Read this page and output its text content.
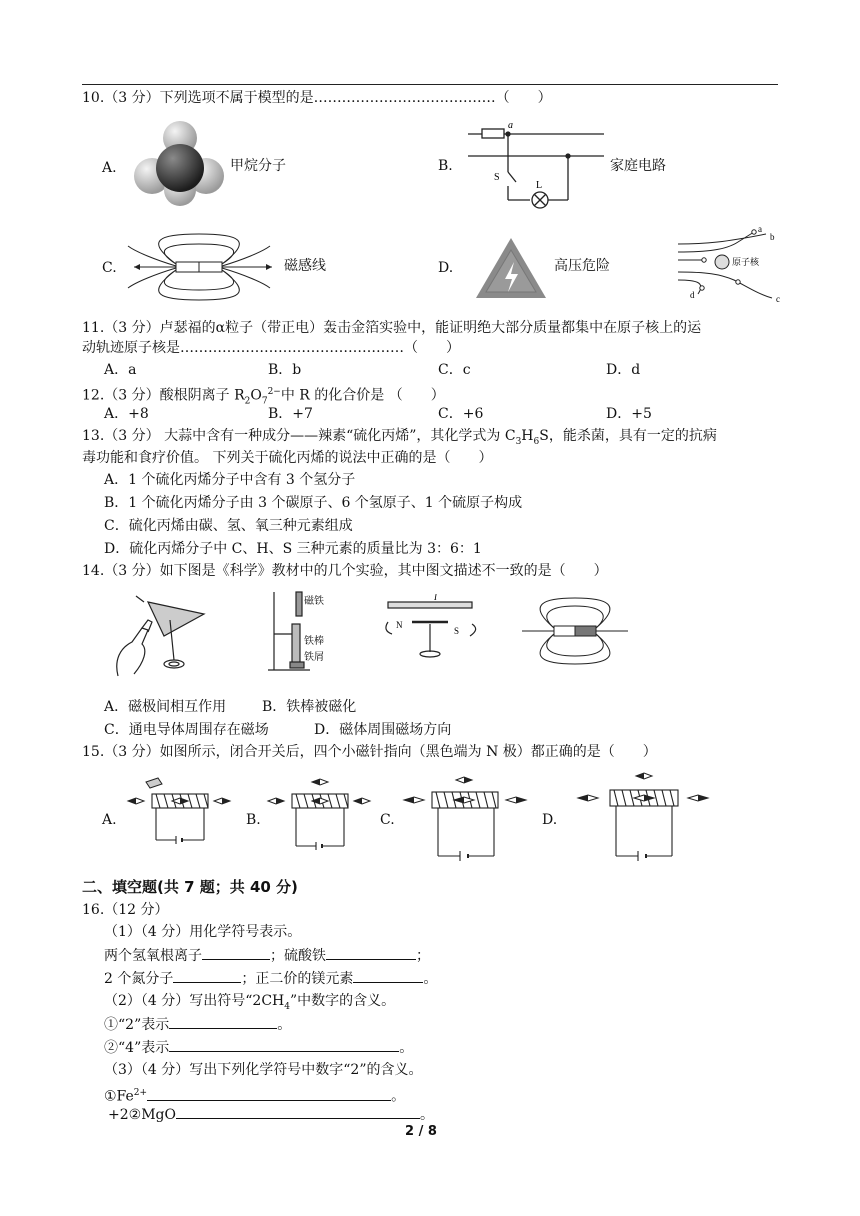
10.（3 分）下列选项不属于模型的是…………………………………（　　）
A.	甲烷分子	B.
a
S
L
家庭电路
C.	磁感线	D.	高压危险
a
b
c
d
原子核
11.（3 分）卢瑟福的α粒子（带正电）轰击金箔实验中，能证明绝大部分质量都集中在原子核上的运
动轨迹原子核是…………………………………………（　　）
A．a	B．b	C．c	D．d
12.（3 分）酸根阴离子 $R_2O_7^{2-}$中 R 的化合价是 （　　）
A．+8	B．+7	C．+6	D．+5
13.（3 分） 大蒜中含有一种成分——辣素“硫化丙烯”，其化学式为 $C_3H_6S$，能杀菌，具有一定的抗病
毒功能和食疗价值。 下列关于硫化丙烯的说法中正确的是（　　）
A．1 个硫化丙烯分子中含有 3 个氢分子
B．1 个硫化丙烯分子由 3 个碳原子、6 个氢原子、1 个硫原子构成
C．硫化丙烯由碳、氢、氧三种元素组成
D．硫化丙烯分子中 C、H、S 三种元素的质量比为 3：6：1
14.（3 分）如下图是《科学》教材中的几个实验，其中图文描述不一致的是（　　）
磁铁
铁棒
铁屑
I
N
S
A．磁极间相互作用	B．铁棒被磁化
C．通电导体周围存在磁场	D．磁体周围磁场方向
15.（3 分）如图所示，闭合开关后，四个小磁针指向（黑色端为 N 极）都正确的是（　　）
A.	B.	C.	D.
二、填空题(共 7 题；共 40 分)
16.（12 分）
（1）（4 分）用化学符号表示。
两个氢氧根离子	；硫酸铁	；
2 个氮分子	；正二价的镁元素	。
（2）（4 分）写出符号“$2CH_4$”中数字的含义。
①“2”表示	。
②“4”表示	。
（3）（4 分）写出下列化学符号中数字“2”的含义。
$①Fe^{2+}$	。
+2②MgO	。
2 / 8
